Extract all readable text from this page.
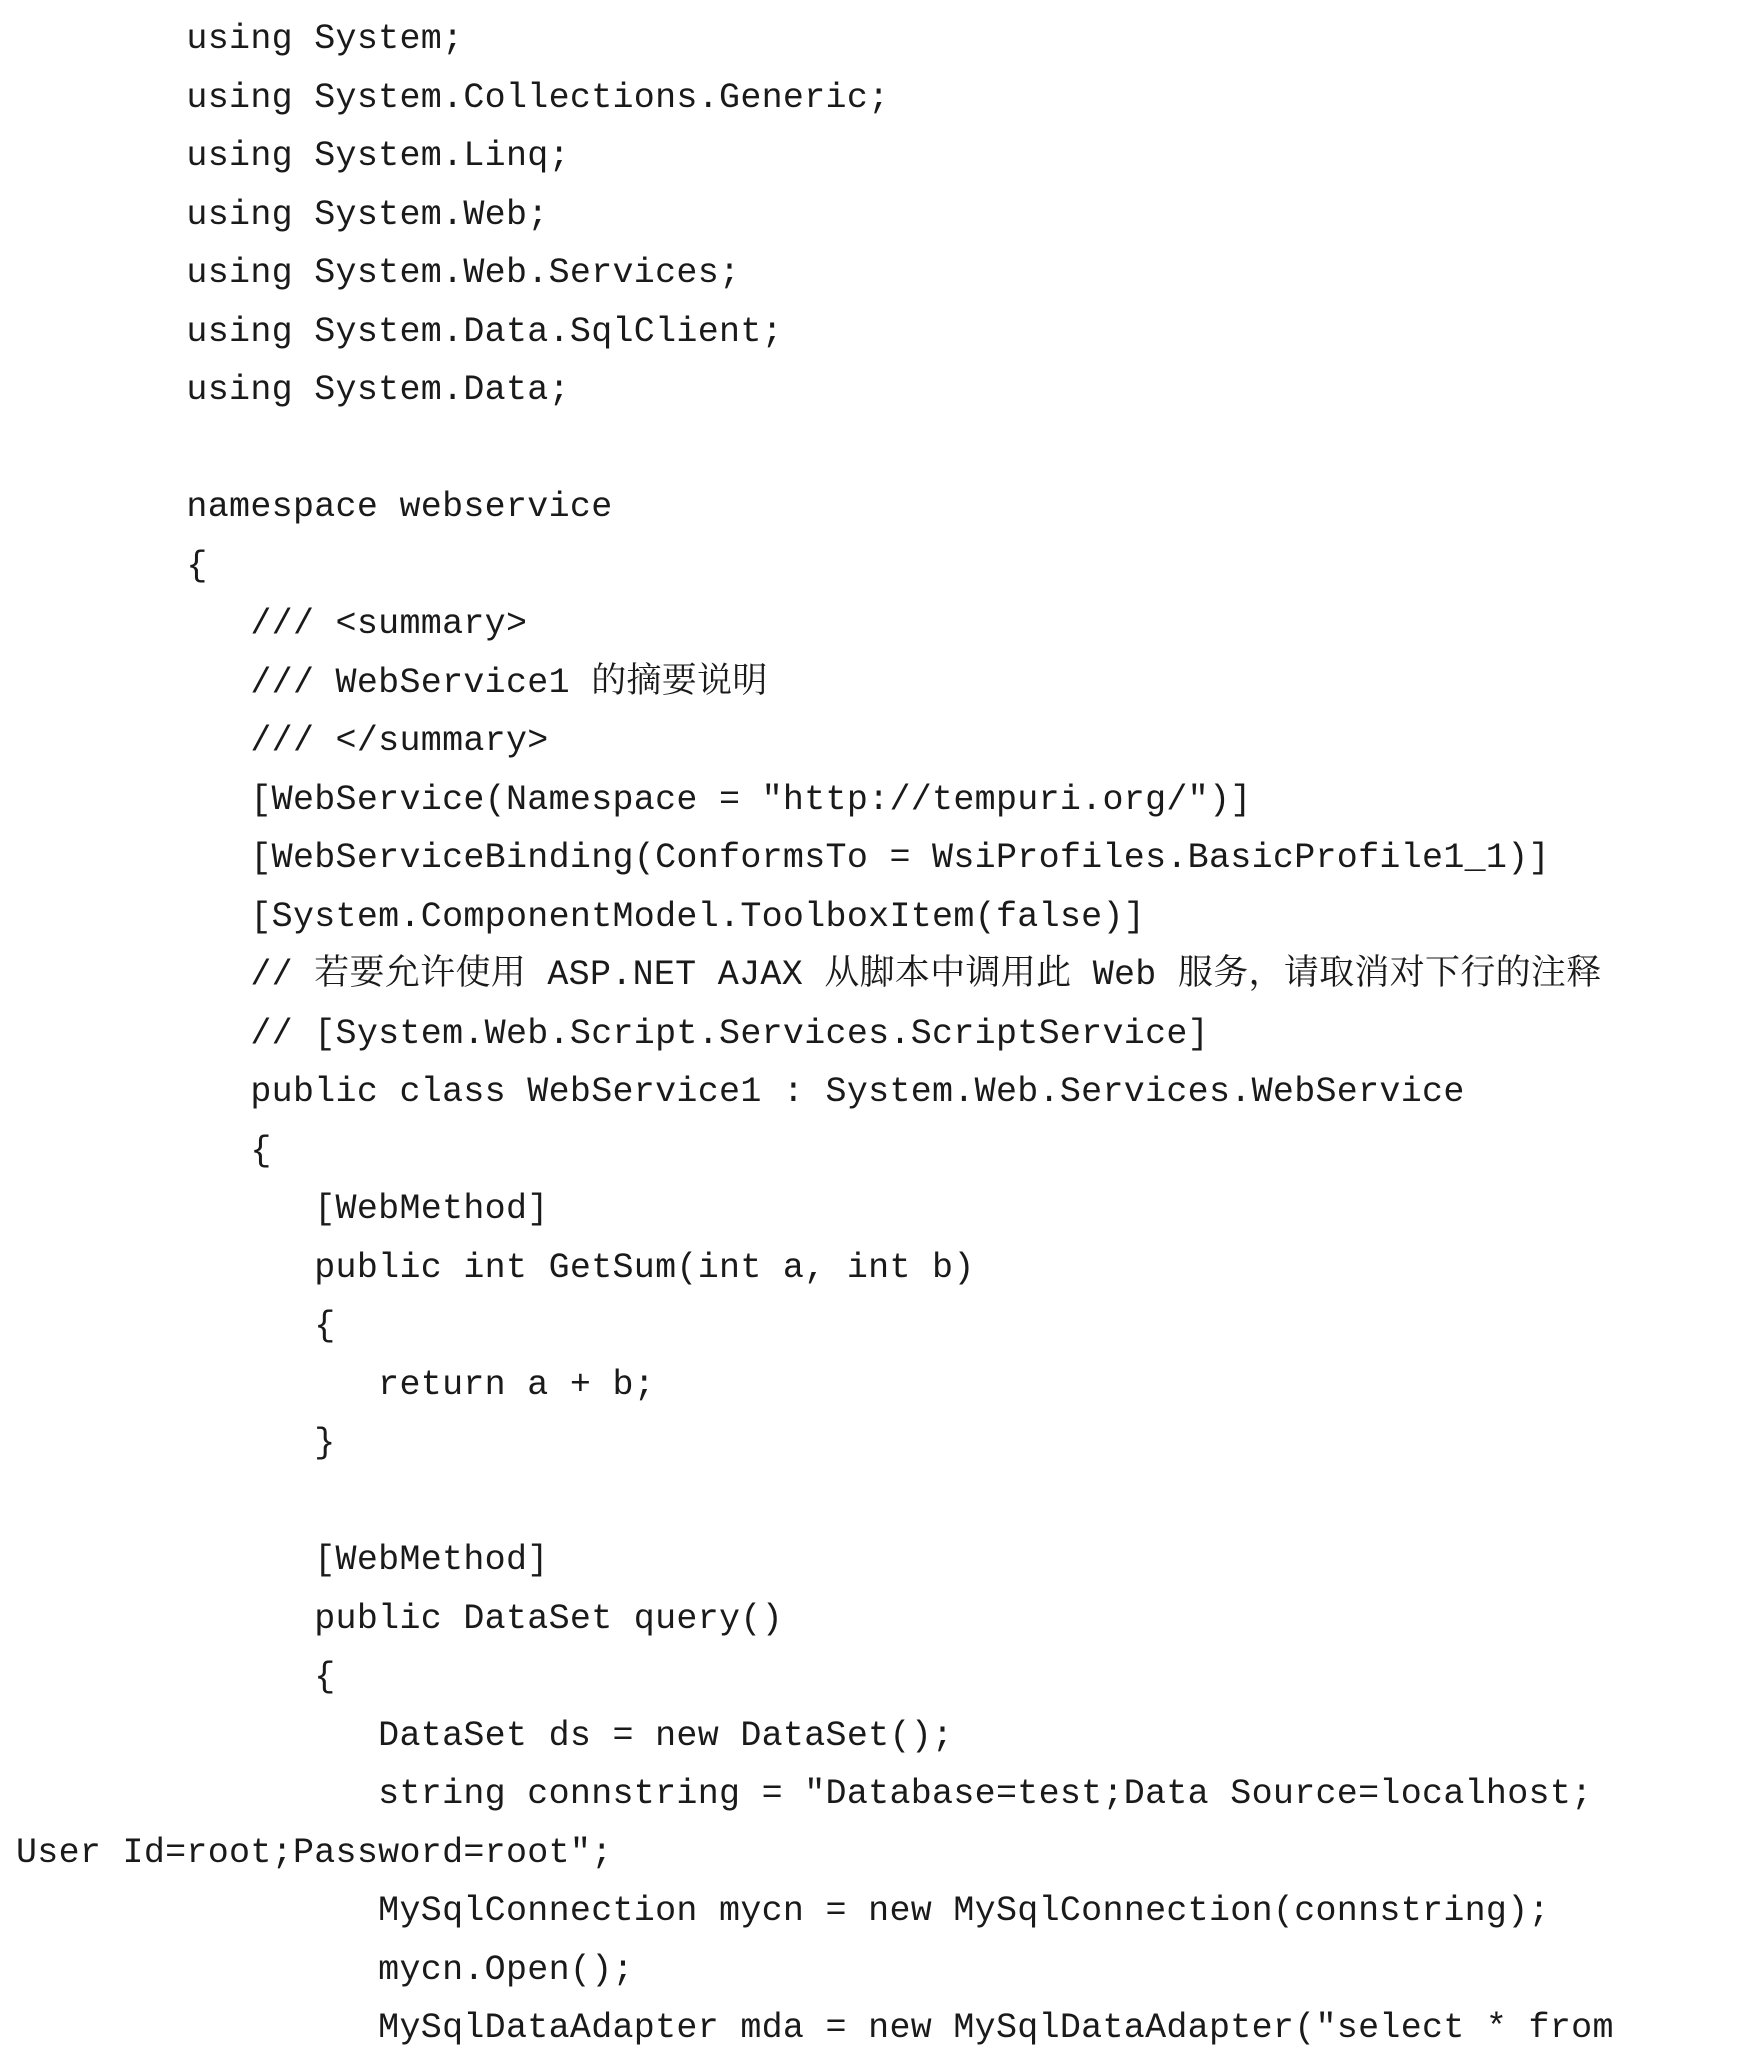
using System;
using System.Collections.Generic;
using System.Linq;
using System.Web;
using System.Web.Services;
using System.Data.SqlClient;
using System.Data;
namespace webservice
{
/// <summary>
/// WebService1 的摘要说明
/// </summary>
[WebService(Namespace = "http://tempuri.org/")]
[WebServiceBinding(ConformsTo = WsiProfiles.BasicProfile1_1)]
[System.ComponentModel.ToolboxItem(false)]
// 若要允许使用 ASP.NET AJAX 从脚本中调用此 Web 服务，请取消对下行的注释
// [System.Web.Script.Services.ScriptService]
public class WebService1 : System.Web.Services.WebService
{
[WebMethod]
public int GetSum(int a, int b)
{
return a + b;
}
[WebMethod]
public DataSet query()
{
DataSet ds = new DataSet();
string connstring = "Database=test;Data Source=localhost;
User Id=root;Password=root";
MySqlConnection mycn = new MySqlConnection(connstring);
mycn.Open();
MySqlDataAdapter mda = new MySqlDataAdapter("select * from
